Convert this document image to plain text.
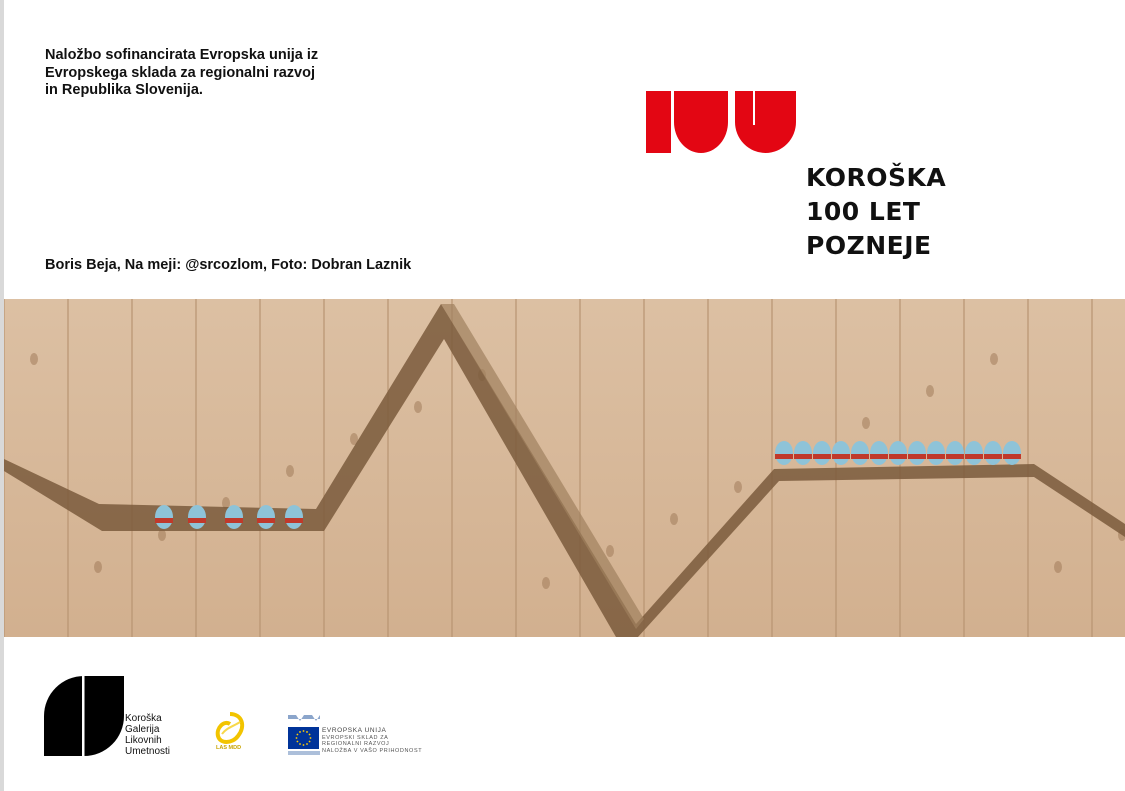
Naložbo sofinancirata Evropska unija iz
Evropskega sklada za regionalni razvoj
in Republika Slovenija.
KOROŠKA
100 LET
POZNEJE
Boris Beja, Na meji: @srcozlom, Foto: Dobran Laznik
Koroška
Galerija
Likovnih
Umetnosti	LAS MDD
EVROPSKA UNIJA
EVROPSKI SKLAD ZA
REGIONALNI RAZVOJ
NALOŽBA V VAŠO PRIHODNOST
